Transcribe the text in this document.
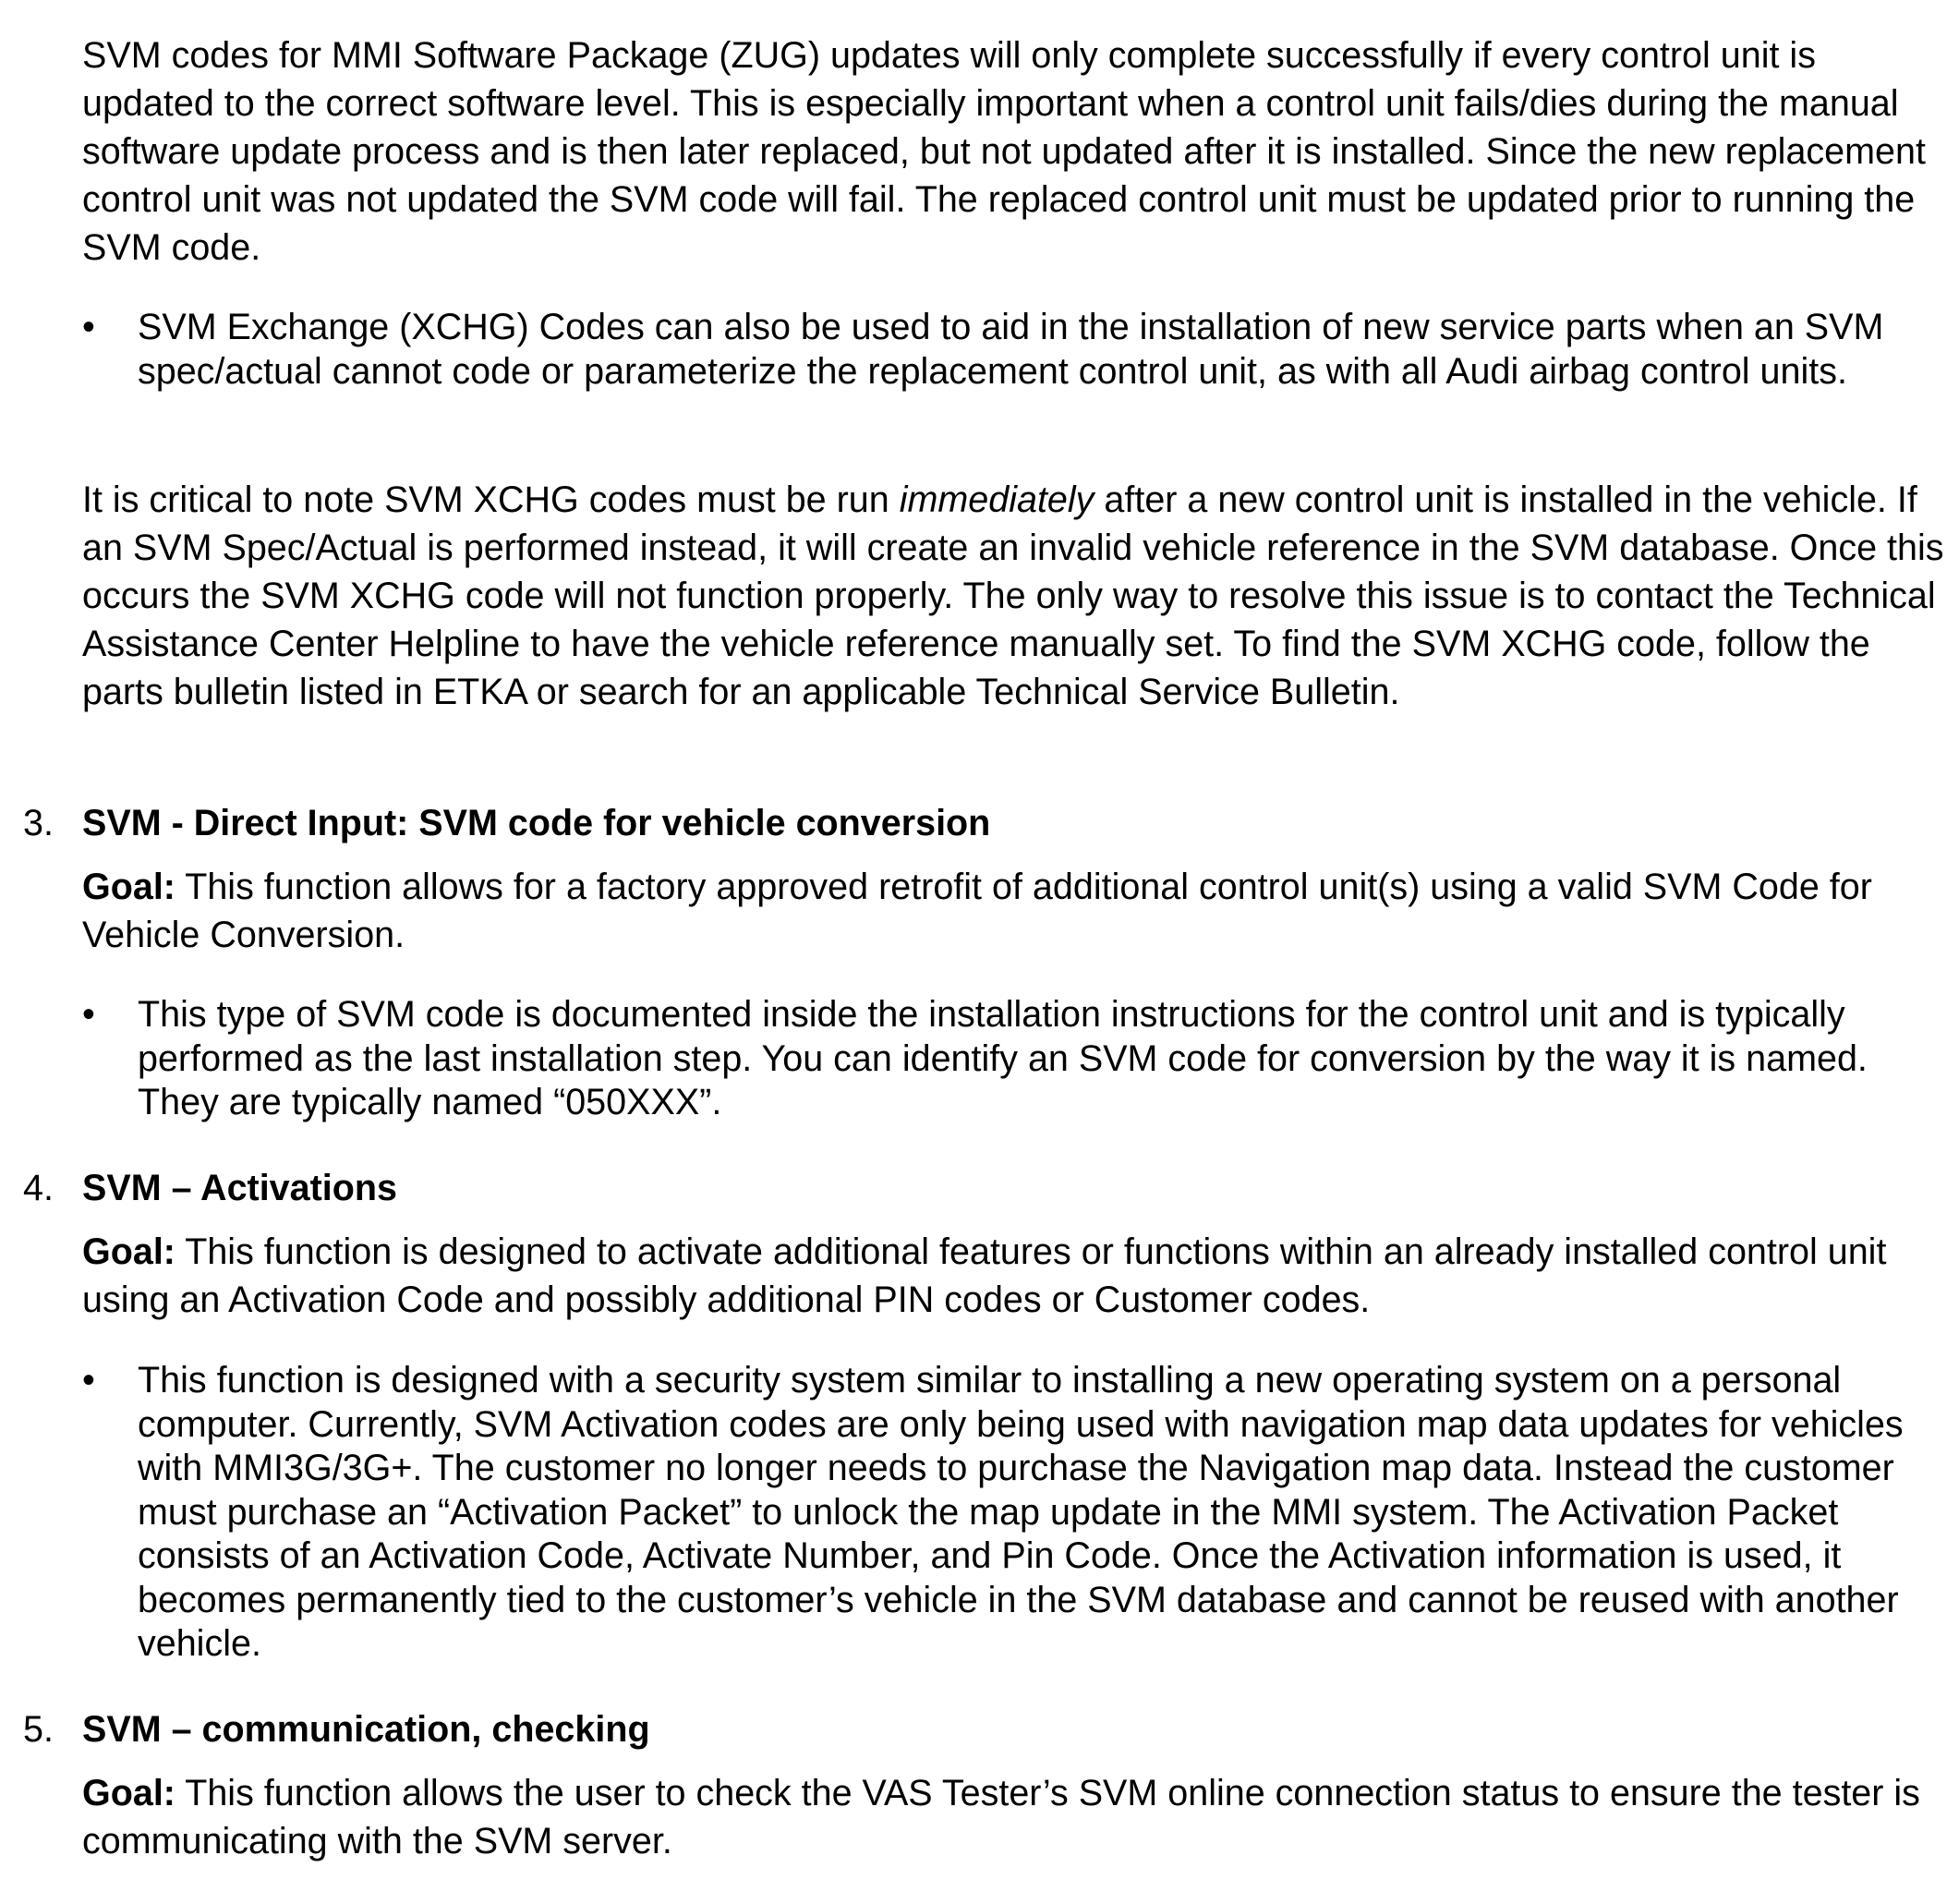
SVM codes for MMI Software Package (ZUG) updates will only complete successfully if every control unit is updated to the correct software level. This is especially important when a control unit fails/dies during the manual software update process and is then later replaced, but not updated after it is installed. Since the new replacement control unit was not updated the SVM code will fail. The replaced control unit must be updated prior to running the SVM code.

•	SVM Exchange (XCHG) Codes can also be used to aid in the installation of new service parts when an SVM spec/actual cannot code or parameterize the replacement control unit, as with all Audi airbag control units.

It is critical to note SVM XCHG codes must be run immediately after a new control unit is installed in the vehicle. If an SVM Spec/Actual is performed instead, it will create an invalid vehicle reference in the SVM database. Once this occurs the SVM XCHG code will not function properly. The only way to resolve this issue is to contact the Technical Assistance Center Helpline to have the vehicle reference manually set. To find the SVM XCHG code, follow the parts bulletin listed in ETKA or search for an applicable Technical Service Bulletin.

3. SVM - Direct Input: SVM code for vehicle conversion

Goal: This function allows for a factory approved retrofit of additional control unit(s) using a valid SVM Code for Vehicle Conversion.

•	This type of SVM code is documented inside the installation instructions for the control unit and is typically performed as the last installation step. You can identify an SVM code for conversion by the way it is named. They are typically named “050XXX”.

4. SVM – Activations

Goal: This function is designed to activate additional features or functions within an already installed control unit using an Activation Code and possibly additional PIN codes or Customer codes.

•	This function is designed with a security system similar to installing a new operating system on a personal computer. Currently, SVM Activation codes are only being used with navigation map data updates for vehicles with MMI3G/3G+. The customer no longer needs to purchase the Navigation map data. Instead the customer must purchase an “Activation Packet” to unlock the map update in the MMI system. The Activation Packet consists of an Activation Code, Activate Number, and Pin Code. Once the Activation information is used, it becomes permanently tied to the customer’s vehicle in the SVM database and cannot be reused with another vehicle.

5. SVM – communication, checking

Goal: This function allows the user to check the VAS Tester’s SVM online connection status to ensure the tester is communicating with the SVM server.
